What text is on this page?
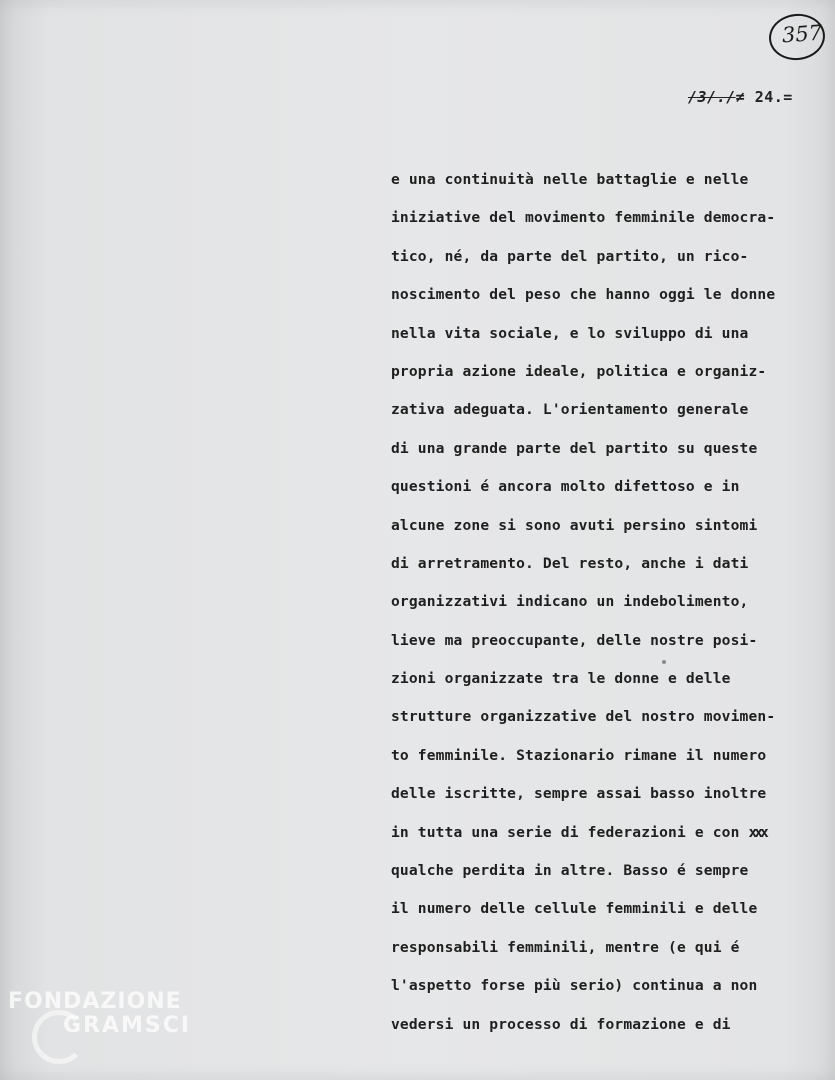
357
/3/./≠ 24.=
e una continuità nelle battaglie e nelle
iniziative del movimento femminile democra-
tico, né, da parte del partito, un rico-
noscimento del peso che hanno oggi le donne
nella vita sociale, e lo sviluppo di una
propria azione ideale, politica e organiz-
zativa adeguata. L'orientamento generale
di una grande parte del partito su queste
questioni é ancora molto difettoso e in
alcune zone si sono avuti persino sintomi
di arretramento. Del resto, anche i dati
organizzativi indicano un indebolimento,
lieve ma preoccupante, delle nostre posi-
zioni organizzate tra le donne e delle
strutture organizzative del nostro movimen-
to femminile. Stazionario rimane il numero
delle iscritte, sempre assai basso inoltre
in tutta una serie di federazioni e con xxx
qualche perdita in altre. Basso é sempre
il numero delle cellule femminili e delle
responsabili femminili, mentre (e qui é
l'aspetto forse più serio) continua a non
vedersi un processo di formazione e di
FONDAZIONE
GRAMSCI
